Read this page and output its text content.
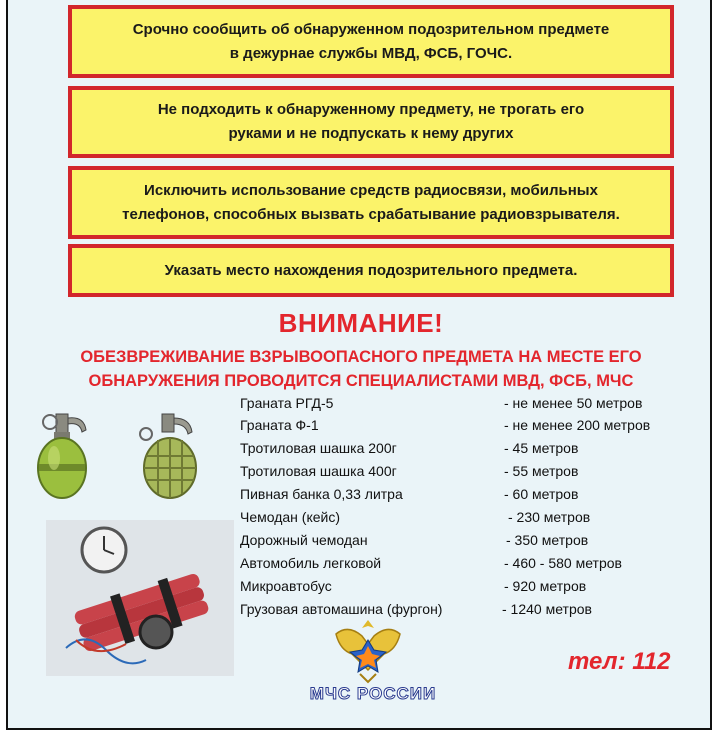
Срочно сообщить об обнаруженном подозрительном предмете
в дежурнае службы МВД, ФСБ, ГОЧС.
Не подходить к обнаруженному предмету, не трогать его
руками и не подпускать к нему других
Исключить использование средств радиосвязи, мобильных
телефонов, способных вызвать срабатывание радиовзрывателя.
Указать место нахождения подозрительного предмета.
ВНИМАНИЕ!
ОБЕЗВРЕЖИВАНИЕ ВЗРЫВООПАСНОГО ПРЕДМЕТА НА МЕСТЕ ЕГО
ОБНАРУЖЕНИЯ ПРОВОДИТСЯ СПЕЦИАЛИСТАМИ МВД, ФСБ, МЧС
Граната РГД-5	- не менее 50 метров
Граната Ф-1	- не менее 200 метров
Тротиловая шашка 200г	- 45 метров
Тротиловая шашка 400г	- 55 метров
Пивная банка 0,33 литра	- 60 метров
Чемодан (кейс)	- 230 метров
Дорожный чемодан	- 350 метров
Автомобиль легковой	- 460 - 580 метров
Микроавтобус	- 920 метров
Грузовая автомашина (фургон)	- 1240 метров
МЧС РОССИИ
тел: 112
